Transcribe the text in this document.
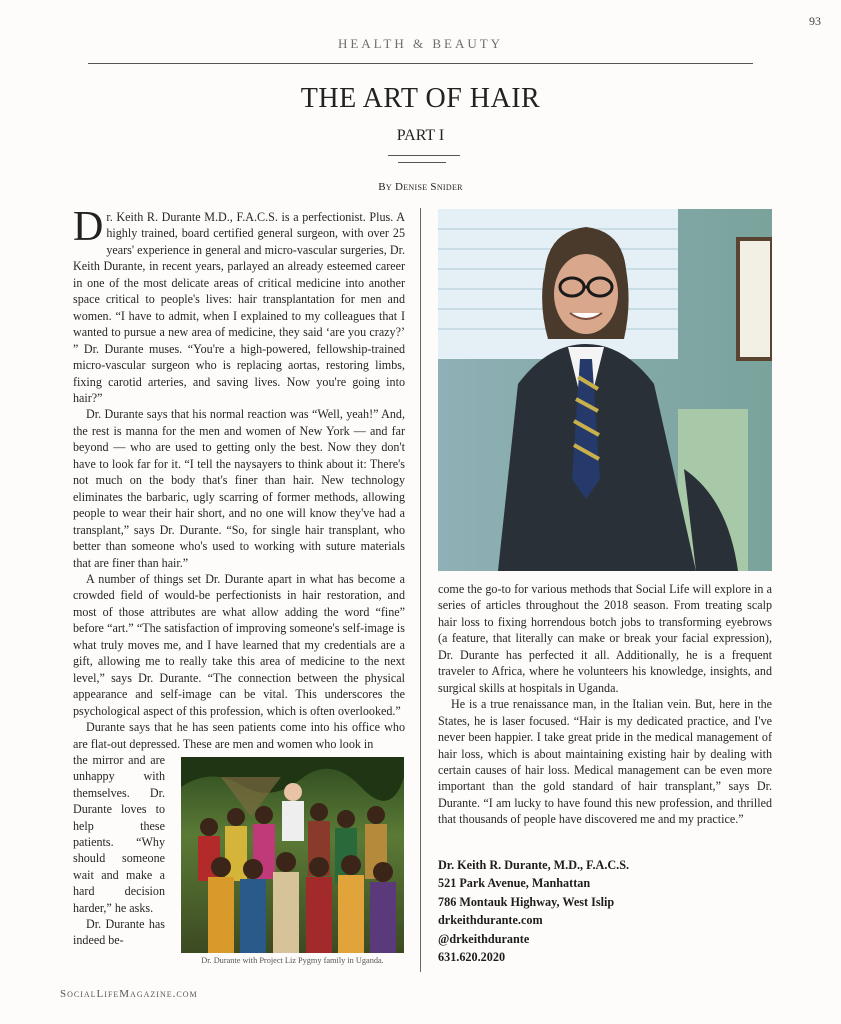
93
HEALTH & BEAUTY
THE ART OF HAIR
PART I
By Denise Snider

Dr. Keith R. Durante M.D., F.A.C.S. is a perfectionist. Plus. A highly trained, board certified general surgeon, with over 25 years' experience in general and micro-vascular surgeries, Dr. Keith Durante, in recent years, parlayed an already esteemed career in one of the most delicate areas of critical medicine into another space critical to people's lives: hair transplantation for men and women. “I have to admit, when I explained to my colleagues that I wanted to pursue a new area of medicine, they said ‘are you crazy?’ ” Dr. Durante muses. “You're a high-powered, fellowship-trained micro-vascular surgeon who is replacing aortas, restoring limbs, fixing carotid arteries, and saving lives. Now you're going into hair?”

Dr. Durante says that his normal reaction was “Well, yeah!” And, the rest is manna for the men and women of New York — and far beyond — who are used to getting only the best. Now they don't have to look far for it. “I tell the naysayers to think about it: There's not much on the body that's finer than hair. New technology eliminates the barbaric, ugly scarring of former methods, allowing people to wear their hair short, and no one will know they've had a transplant,” says Dr. Durante. “So, for single hair transplant, who better than someone who's used to working with suture materials that are finer than hair.”

A number of things set Dr. Durante apart in what has become a crowded field of would-be perfectionists in hair restoration, and most of those attributes are what allow adding the word “fine” before “art.” “The satisfaction of improving someone's self-image is what truly moves me, and I have learned that my credentials are a gift, allowing me to really take this area of medicine to the next level,” says Dr. Durante. “The connection between the physical appearance and self-image can be vital. This underscores the psychological aspect of this profession, which is often overlooked.”

Durante says that he has seen patients come into his office who are flat-out depressed. These are men and women who look in

the mirror and are unhappy with themselves. Dr. Durante loves to help these patients. “Why should someone wait and make a hard decision harder,” he asks.

Dr. Durante has indeed be-

Dr. Durante with Project Liz Pygmy family in Uganda.

come the go-to for various methods that Social Life will explore in a series of articles throughout the 2018 season. From treating scalp hair loss to fixing horrendous botch jobs to transforming eyebrows (a feature, that literally can make or break your facial expression), Dr. Durante has perfected it all. Additionally, he is a frequent traveler to Africa, where he volunteers his knowledge, insights, and surgical skills at hospitals in Uganda.

He is a true renaissance man, in the Italian vein. But, here in the States, he is laser focused. “Hair is my dedicated practice, and I've never been happier. I take great pride in the medical management of hair loss, which is about maintaining existing hair by dealing with certain causes of hair loss. Medical management can be even more important than the gold standard of hair transplant,” says Dr. Durante. “I am lucky to have found this new profession, and thrilled that thousands of people have discovered me and my practice.”

Dr. Keith R. Durante, M.D., F.A.C.S.
521 Park Avenue, Manhattan
786 Montauk Highway, West Islip
drkeithdurante.com
@drkeithdurante
631.620.2020
SocialLifeMagazine.com
